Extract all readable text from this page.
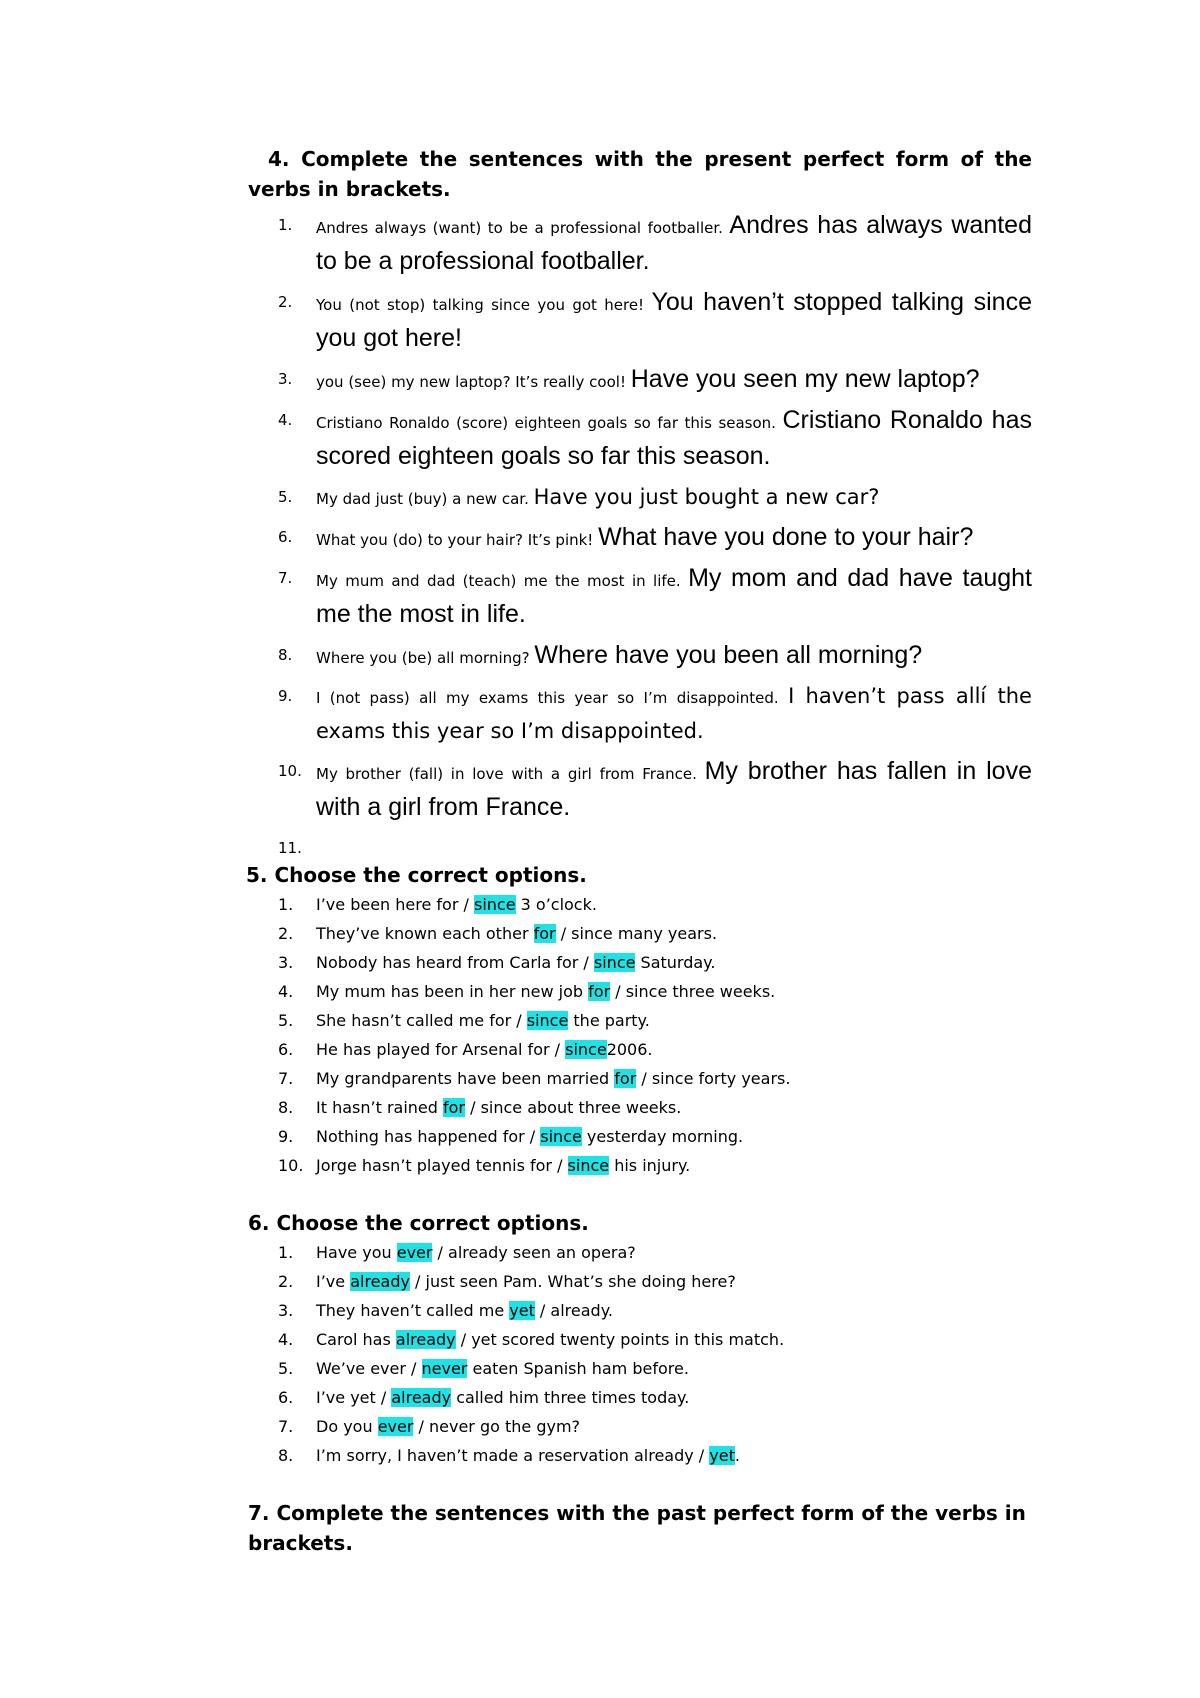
4. Complete the sentences with the present perfect form of the verbs in brackets.

1. Andres always (want) to be a professional footballer. Andres has always wanted to be a professional footballer.
2. You (not stop) talking since you got here! You haven’t stopped talking since you got here!
3. you (see) my new laptop? It’s really cool! Have you seen my new laptop?
4. Cristiano Ronaldo (score) eighteen goals so far this season. Cristiano Ronaldo has scored eighteen goals so far this season.
5. My dad just (buy) a new car. Have you just bought a new car?
6. What you (do) to your hair? It’s pink! What have you done to your hair?
7. My mum and dad (teach) me the most in life. My mom and dad have taught me the most in life.
8. Where you (be) all morning? Where have you been all morning?
9. I (not pass) all my exams this year so I’m disappointed. I haven’t pass allí the exams this year so I’m disappointed.
10. My brother (fall) in love with a girl from France. My brother has fallen in love with a girl from France.
11.

5. Choose the correct options.

1. I’ve been here for / since 3 o’clock.
2. They’ve known each other for / since many years.
3. Nobody has heard from Carla for / since Saturday.
4. My mum has been in her new job for / since three weeks.
5. She hasn’t called me for / since the party.
6. He has played for Arsenal for / since2006.
7. My grandparents have been married for / since forty years.
8. It hasn’t rained for / since about three weeks.
9. Nothing has happened for / since yesterday morning.
10. Jorge hasn’t played tennis for / since his injury.

6. Choose the correct options.

1. Have you ever / already seen an opera?
2. I’ve already / just seen Pam. What’s she doing here?
3. They haven’t called me yet / already.
4. Carol has already / yet scored twenty points in this match.
5. We’ve ever / never eaten Spanish ham before.
6. I’ve yet / already called him three times today.
7. Do you ever / never go the gym?
8. I’m sorry, I haven’t made a reservation already / yet.

7. Complete the sentences with the past perfect form of the verbs in brackets.
